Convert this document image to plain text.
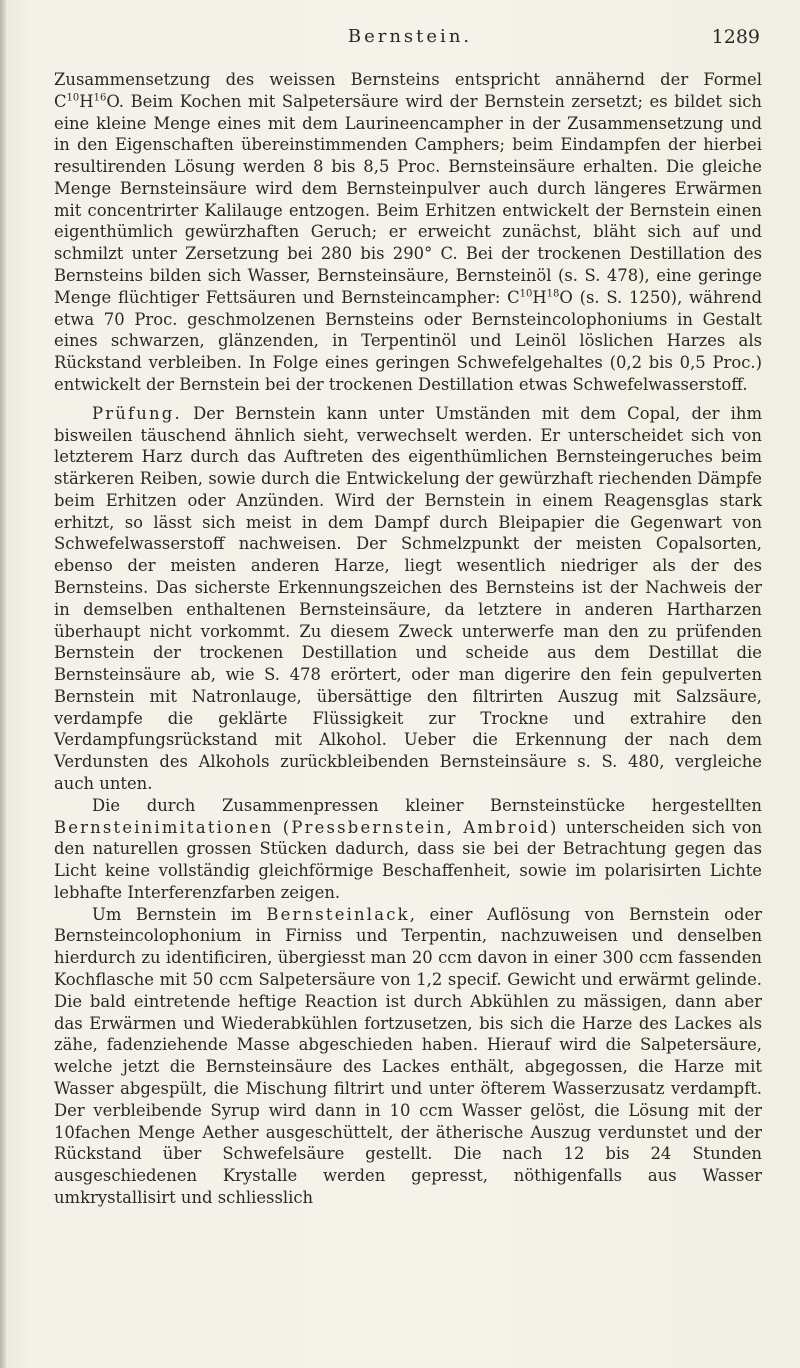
Bernstein.	1289

Zusammensetzung des weissen Bernsteins entspricht annähernd der Formel $C^{10}H^{16}O$. Beim Kochen mit Salpetersäure wird der Bernstein zersetzt; es bildet sich eine kleine Menge eines mit dem Laurineencampher in der Zusammensetzung und in den Eigenschaften übereinstimmenden Camphers; beim Eindampfen der hierbei resultirenden Lösung werden 8 bis 8,5 Proc. Bernsteinsäure erhalten. Die gleiche Menge Bernsteinsäure wird dem Bernsteinpulver auch durch längeres Erwärmen mit concentrirter Kalilauge entzogen. Beim Erhitzen entwickelt der Bernstein einen eigenthümlich gewürzhaften Geruch; er erweicht zunächst, bläht sich auf und schmilzt unter Zersetzung bei 280 bis 290° C. Bei der trockenen Destillation des Bernsteins bilden sich Wasser, Bernsteinsäure, Bernsteinöl (s. S. 478), eine geringe Menge flüchtiger Fettsäuren und Bernsteincampher: $C^{10}H^{18}O$ (s. S. 1250), während etwa 70 Proc. geschmolzenen Bernsteins oder Bernsteincolophoniums in Gestalt eines schwarzen, glänzenden, in Terpentinöl und Leinöl löslichen Harzes als Rückstand verbleiben. In Folge eines geringen Schwefelgehaltes (0,2 bis 0,5 Proc.) entwickelt der Bernstein bei der trockenen Destillation etwas Schwefelwasserstoff.

Prüfung. Der Bernstein kann unter Umständen mit dem Copal, der ihm bisweilen täuschend ähnlich sieht, verwechselt werden. Er unterscheidet sich von letzterem Harz durch das Auftreten des eigenthümlichen Bernsteingeruches beim stärkeren Reiben, sowie durch die Entwickelung der gewürzhaft riechenden Dämpfe beim Erhitzen oder Anzünden. Wird der Bernstein in einem Reagensglas stark erhitzt, so lässt sich meist in dem Dampf durch Bleipapier die Gegenwart von Schwefelwasserstoff nachweisen. Der Schmelzpunkt der meisten Copalsorten, ebenso der meisten anderen Harze, liegt wesentlich niedriger als der des Bernsteins. Das sicherste Erkennungszeichen des Bernsteins ist der Nachweis der in demselben enthaltenen Bernsteinsäure, da letztere in anderen Hartharzen überhaupt nicht vorkommt. Zu diesem Zweck unterwerfe man den zu prüfenden Bernstein der trockenen Destillation und scheide aus dem Destillat die Bernsteinsäure ab, wie S. 478 erörtert, oder man digerire den fein gepulverten Bernstein mit Natronlauge, übersättige den filtrirten Auszug mit Salzsäure, verdampfe die geklärte Flüssigkeit zur Trockne und extrahire den Verdampfungsrückstand mit Alkohol. Ueber die Erkennung der nach dem Verdunsten des Alkohols zurückbleibenden Bernsteinsäure s. S. 480, vergleiche auch unten.

Die durch Zusammenpressen kleiner Bernsteinstücke hergestellten Bernsteinimitationen (Pressbernstein, Ambroid) unterscheiden sich von den naturellen grossen Stücken dadurch, dass sie bei der Betrachtung gegen das Licht keine vollständig gleichförmige Beschaffenheit, sowie im polarisirten Lichte lebhafte Interferenzfarben zeigen.

Um Bernstein im Bernsteinlack, einer Auflösung von Bernstein oder Bernsteincolophonium in Firniss und Terpentin, nachzuweisen und denselben hierdurch zu identificiren, übergiesst man 20 ccm davon in einer 300 ccm fassenden Kochflasche mit 50 ccm Salpetersäure von 1,2 specif. Gewicht und erwärmt gelinde. Die bald eintretende heftige Reaction ist durch Abkühlen zu mässigen, dann aber das Erwärmen und Wiederabkühlen fortzusetzen, bis sich die Harze des Lackes als zähe, fadenziehende Masse abgeschieden haben. Hierauf wird die Salpetersäure, welche jetzt die Bernsteinsäure des Lackes enthält, abgegossen, die Harze mit Wasser abgespült, die Mischung filtrirt und unter öfterem Wasserzusatz verdampft. Der verbleibende Syrup wird dann in 10 ccm Wasser gelöst, die Lösung mit der 10fachen Menge Aether ausgeschüttelt, der ätherische Auszug verdunstet und der Rückstand über Schwefelsäure gestellt. Die nach 12 bis 24 Stunden ausgeschiedenen Krystalle werden gepresst, nöthigenfalls aus Wasser umkrystallisirt und schliesslich
